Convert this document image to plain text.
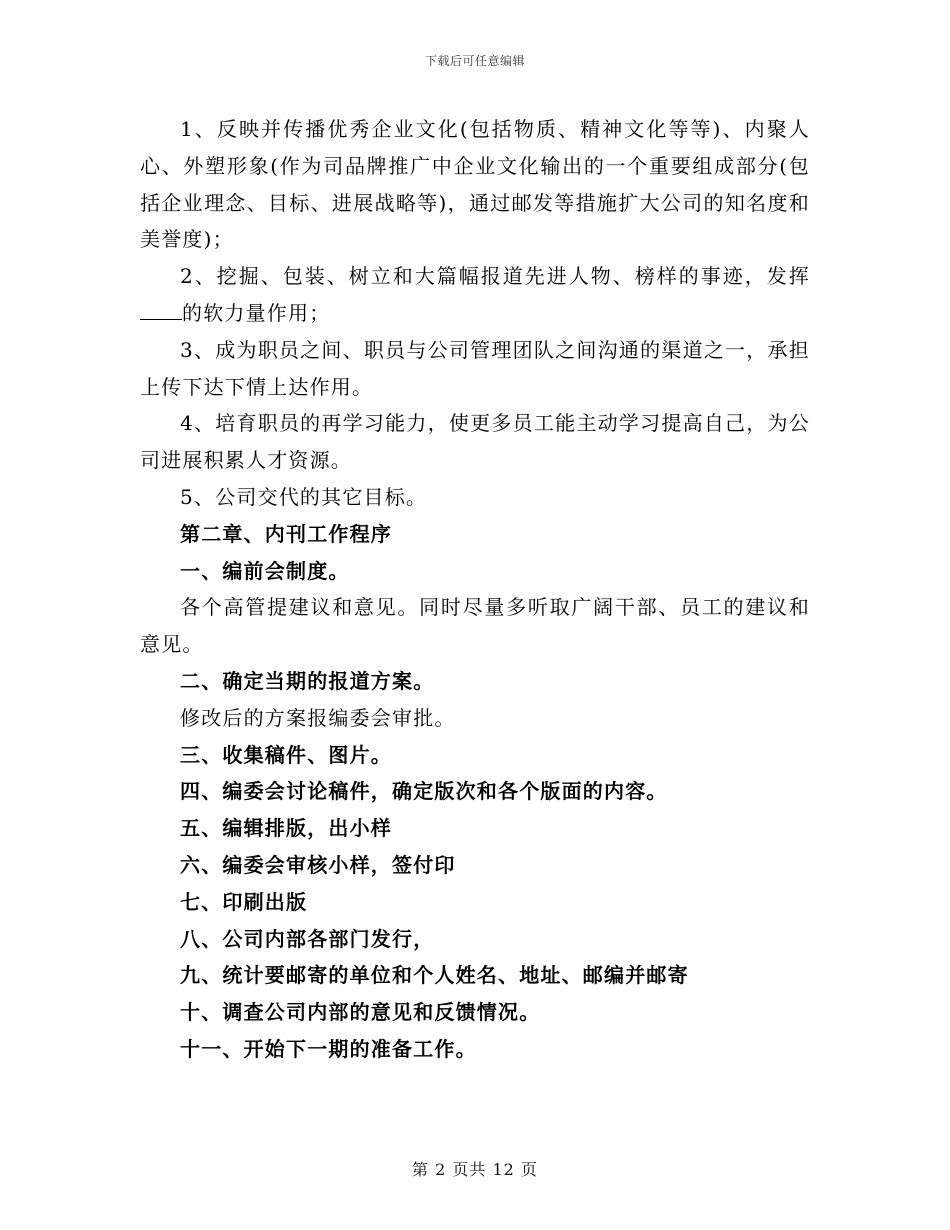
下载后可任意编辑

1、反映并传播优秀企业文化(包括物质、精神文化等等)、内聚人心、外塑形象(作为司品牌推广中企业文化输出的一个重要组成部分(包括企业理念、目标、进展战略等)，通过邮发等措施扩大公司的知名度和美誉度)；

2、挖掘、包装、树立和大篇幅报道先进人物、榜样的事迹，发挥的软力量作用；

3、成为职员之间、职员与公司管理团队之间沟通的渠道之一，承担上传下达下情上达作用。

4、培育职员的再学习能力，使更多员工能主动学习提高自己，为公司进展积累人才资源。

5、公司交代的其它目标。

第二章、内刊工作程序

一、编前会制度。

各个高管提建议和意见。同时尽量多听取广阔干部、员工的建议和意见。

二、确定当期的报道方案。

修改后的方案报编委会审批。

三、收集稿件、图片。

四、编委会讨论稿件，确定版次和各个版面的内容。

五、编辑排版，出小样

六、编委会审核小样，签付印

七、印刷出版

八、公司内部各部门发行，

九、统计要邮寄的单位和个人姓名、地址、邮编并邮寄

十、调查公司内部的意见和反馈情况。

十一、开始下一期的准备工作。

第 2 页共 12 页
